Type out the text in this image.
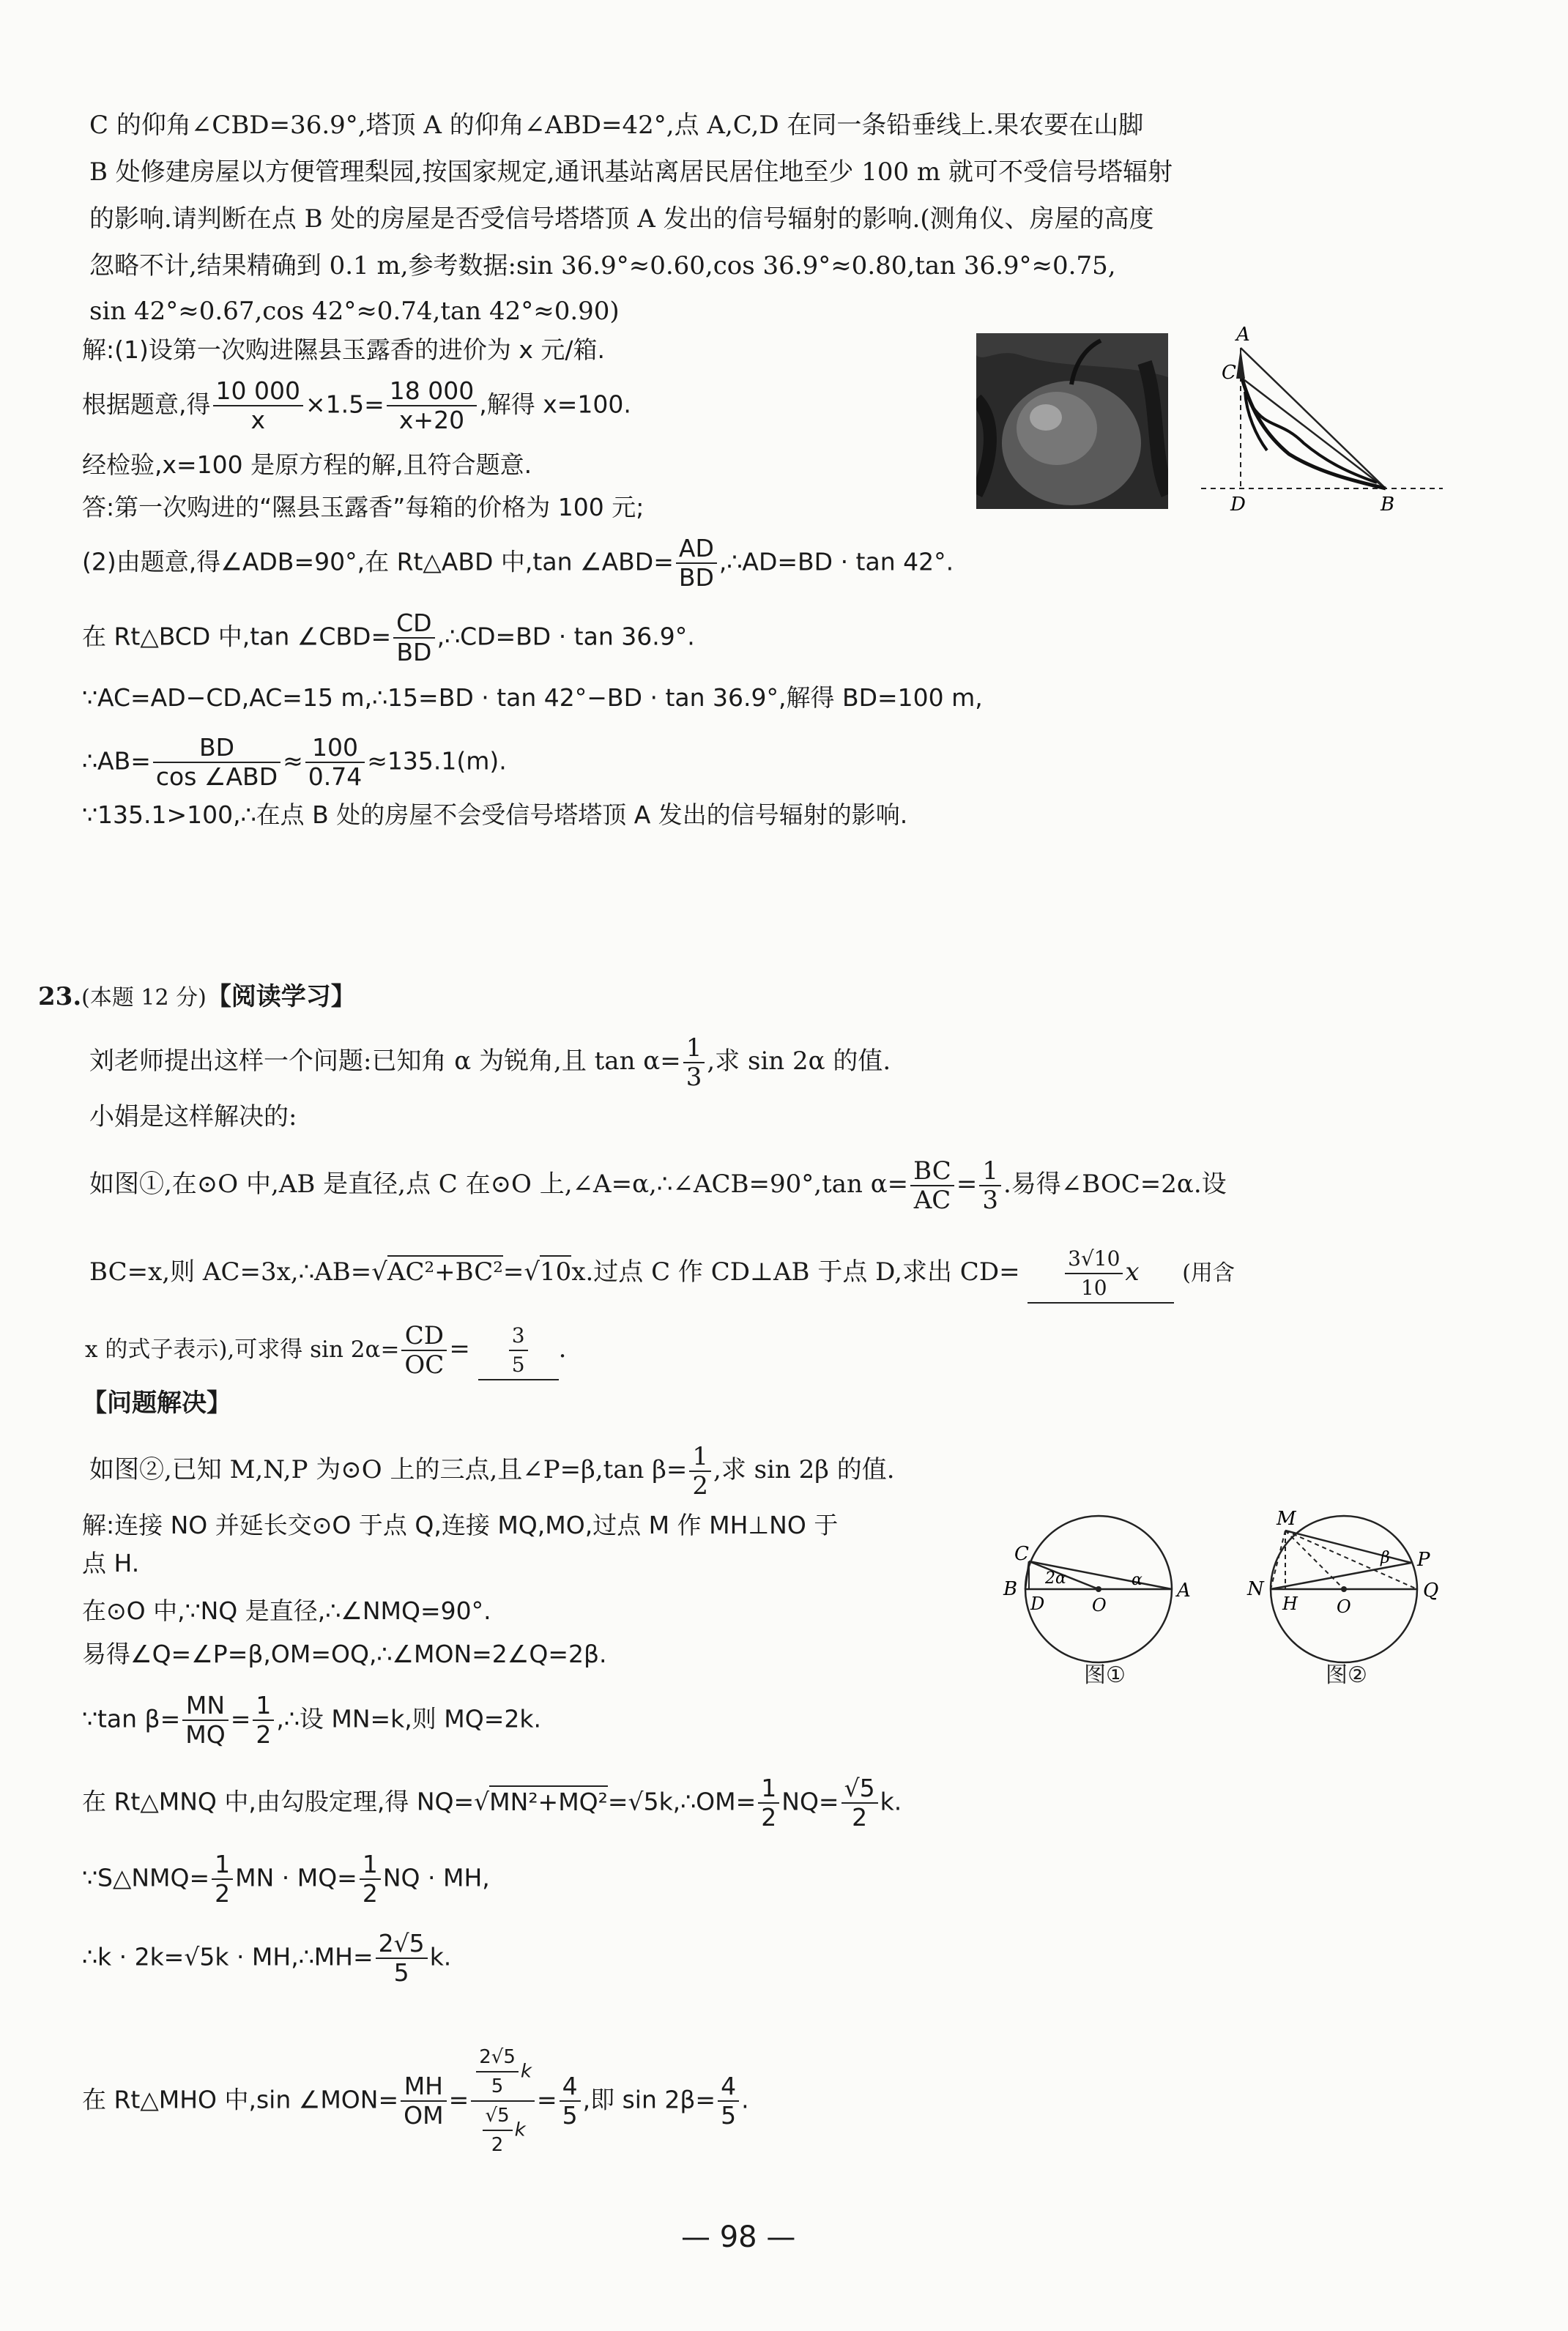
C 的仰角∠CBD=36.9°,塔顶 A 的仰角∠ABD=42°,点 A,C,D 在同一条铅垂线上.果农要在山脚
B 处修建房屋以方便管理梨园,按国家规定,通讯基站离居民居住地至少 100 m 就可不受信号塔辐射
的影响.请判断在点 B 处的房屋是否受信号塔塔顶 A 发出的信号辐射的影响.(测角仪、房屋的高度
忽略不计,结果精确到 0.1 m,参考数据:sin 36.9°≈0.60,cos 36.9°≈0.80,tan 36.9°≈0.75,
sin 42°≈0.67,cos 42°≈0.74,tan 42°≈0.90)
解:(1)设第一次购进隰县玉露香的进价为 x 元/箱.
根据题意,得 $\frac{10 000}{x} \times 1.5= \frac{18 000}{x+20}$ ,解得 x=100.
经检验,x=100 是原方程的解,且符合题意.
答:第一次购进的“隰县玉露香”每箱的价格为 100 元;
(2)由题意,得∠ADB=90°,在 Rt△ABD 中,tan ∠ABD= $\frac{AD}{BD}$ ,∴AD=BD · tan 42°.
在 Rt△BCD 中,tan ∠CBD= $\frac{CD}{BD}$ ,∴CD=BD · tan 36.9°.
∵AC=AD−CD,AC=15 m,∴15=BD · tan 42°−BD · tan 36.9°,解得 BD=100 m,
∴AB= $\frac{BD}{\text{cos ∠ABD}} \approx \frac{100}{0.74} \approx 135.1(m)$.
∵135.1>100,∴在点 B 处的房屋不会受信号塔塔顶 A 发出的信号辐射的影响.
A
C
D	B
23.(本题 12 分)【阅读学习】
刘老师提出这样一个问题:已知角 α 为锐角,且 $\tan \alpha= \frac{1}{3}$ ,求 sin 2α 的值.
小娟是这样解决的:
如图①,在⊙O 中,AB 是直径,点 C 在⊙O 上,∠A=α,∴∠ACB=90°,tan $\alpha= \frac{BC}{AC} = \frac{1}{3}$ .易得∠BOC=2α.设
BC=x,则 AC=3x,∴AB=√AC²+BC²=√10x.过点 C 作 CD⊥AB 于点 D,求出 $CD= \frac{3√10}{10}$ x (用含
x 的式子表示),可求得 $\sin 2\alpha= \frac{CD}{OC} = \frac{3}{5}$ .
【问题解决】
如图②,已知 M,N,P 为⊙O 上的三点,且∠P=β,tan $\beta= \frac{1}{2}$ ,求 sin 2β 的值.
解:连接 NO 并延长交⊙O 于点 Q,连接 MQ,MO,过点 M 作 MH⊥NO 于
点 H.
在⊙O 中,∵NQ 是直径,∴∠NMQ=90°.
易得∠Q=∠P=β,OM=OQ,∴∠MON=2∠Q=2β.
∵tan $\beta= \frac{MN}{MQ} = \frac{1}{2}$ ,∴设 MN=k,则 MQ=2k.
在 Rt△MNQ 中,由勾股定理,得 NQ=√MN²+MQ²=√5k,∴OM= $\frac{1}{2} NQ= \frac{√5}{2} k$.
∵S△NMQ= $\frac{1}{2}$ MN · $MQ= \frac{1}{2}$ NQ · MH,
∴k · 2k=√5k · MH,∴MH= $\frac{2√5}{5} k$.
在 Rt△MHO 中,sin ∠MON= $\frac{MH}{OM} = \frac{\frac{2√5}{5} k}{\frac{√5}{2} k} = \frac{4}{5}$ ,即 $\sin 2\beta= \frac{4}{5}$ .
C
B
D	O
A
2α	α
图①
M
N
H O
P
Q
β
图②
— 98 —
